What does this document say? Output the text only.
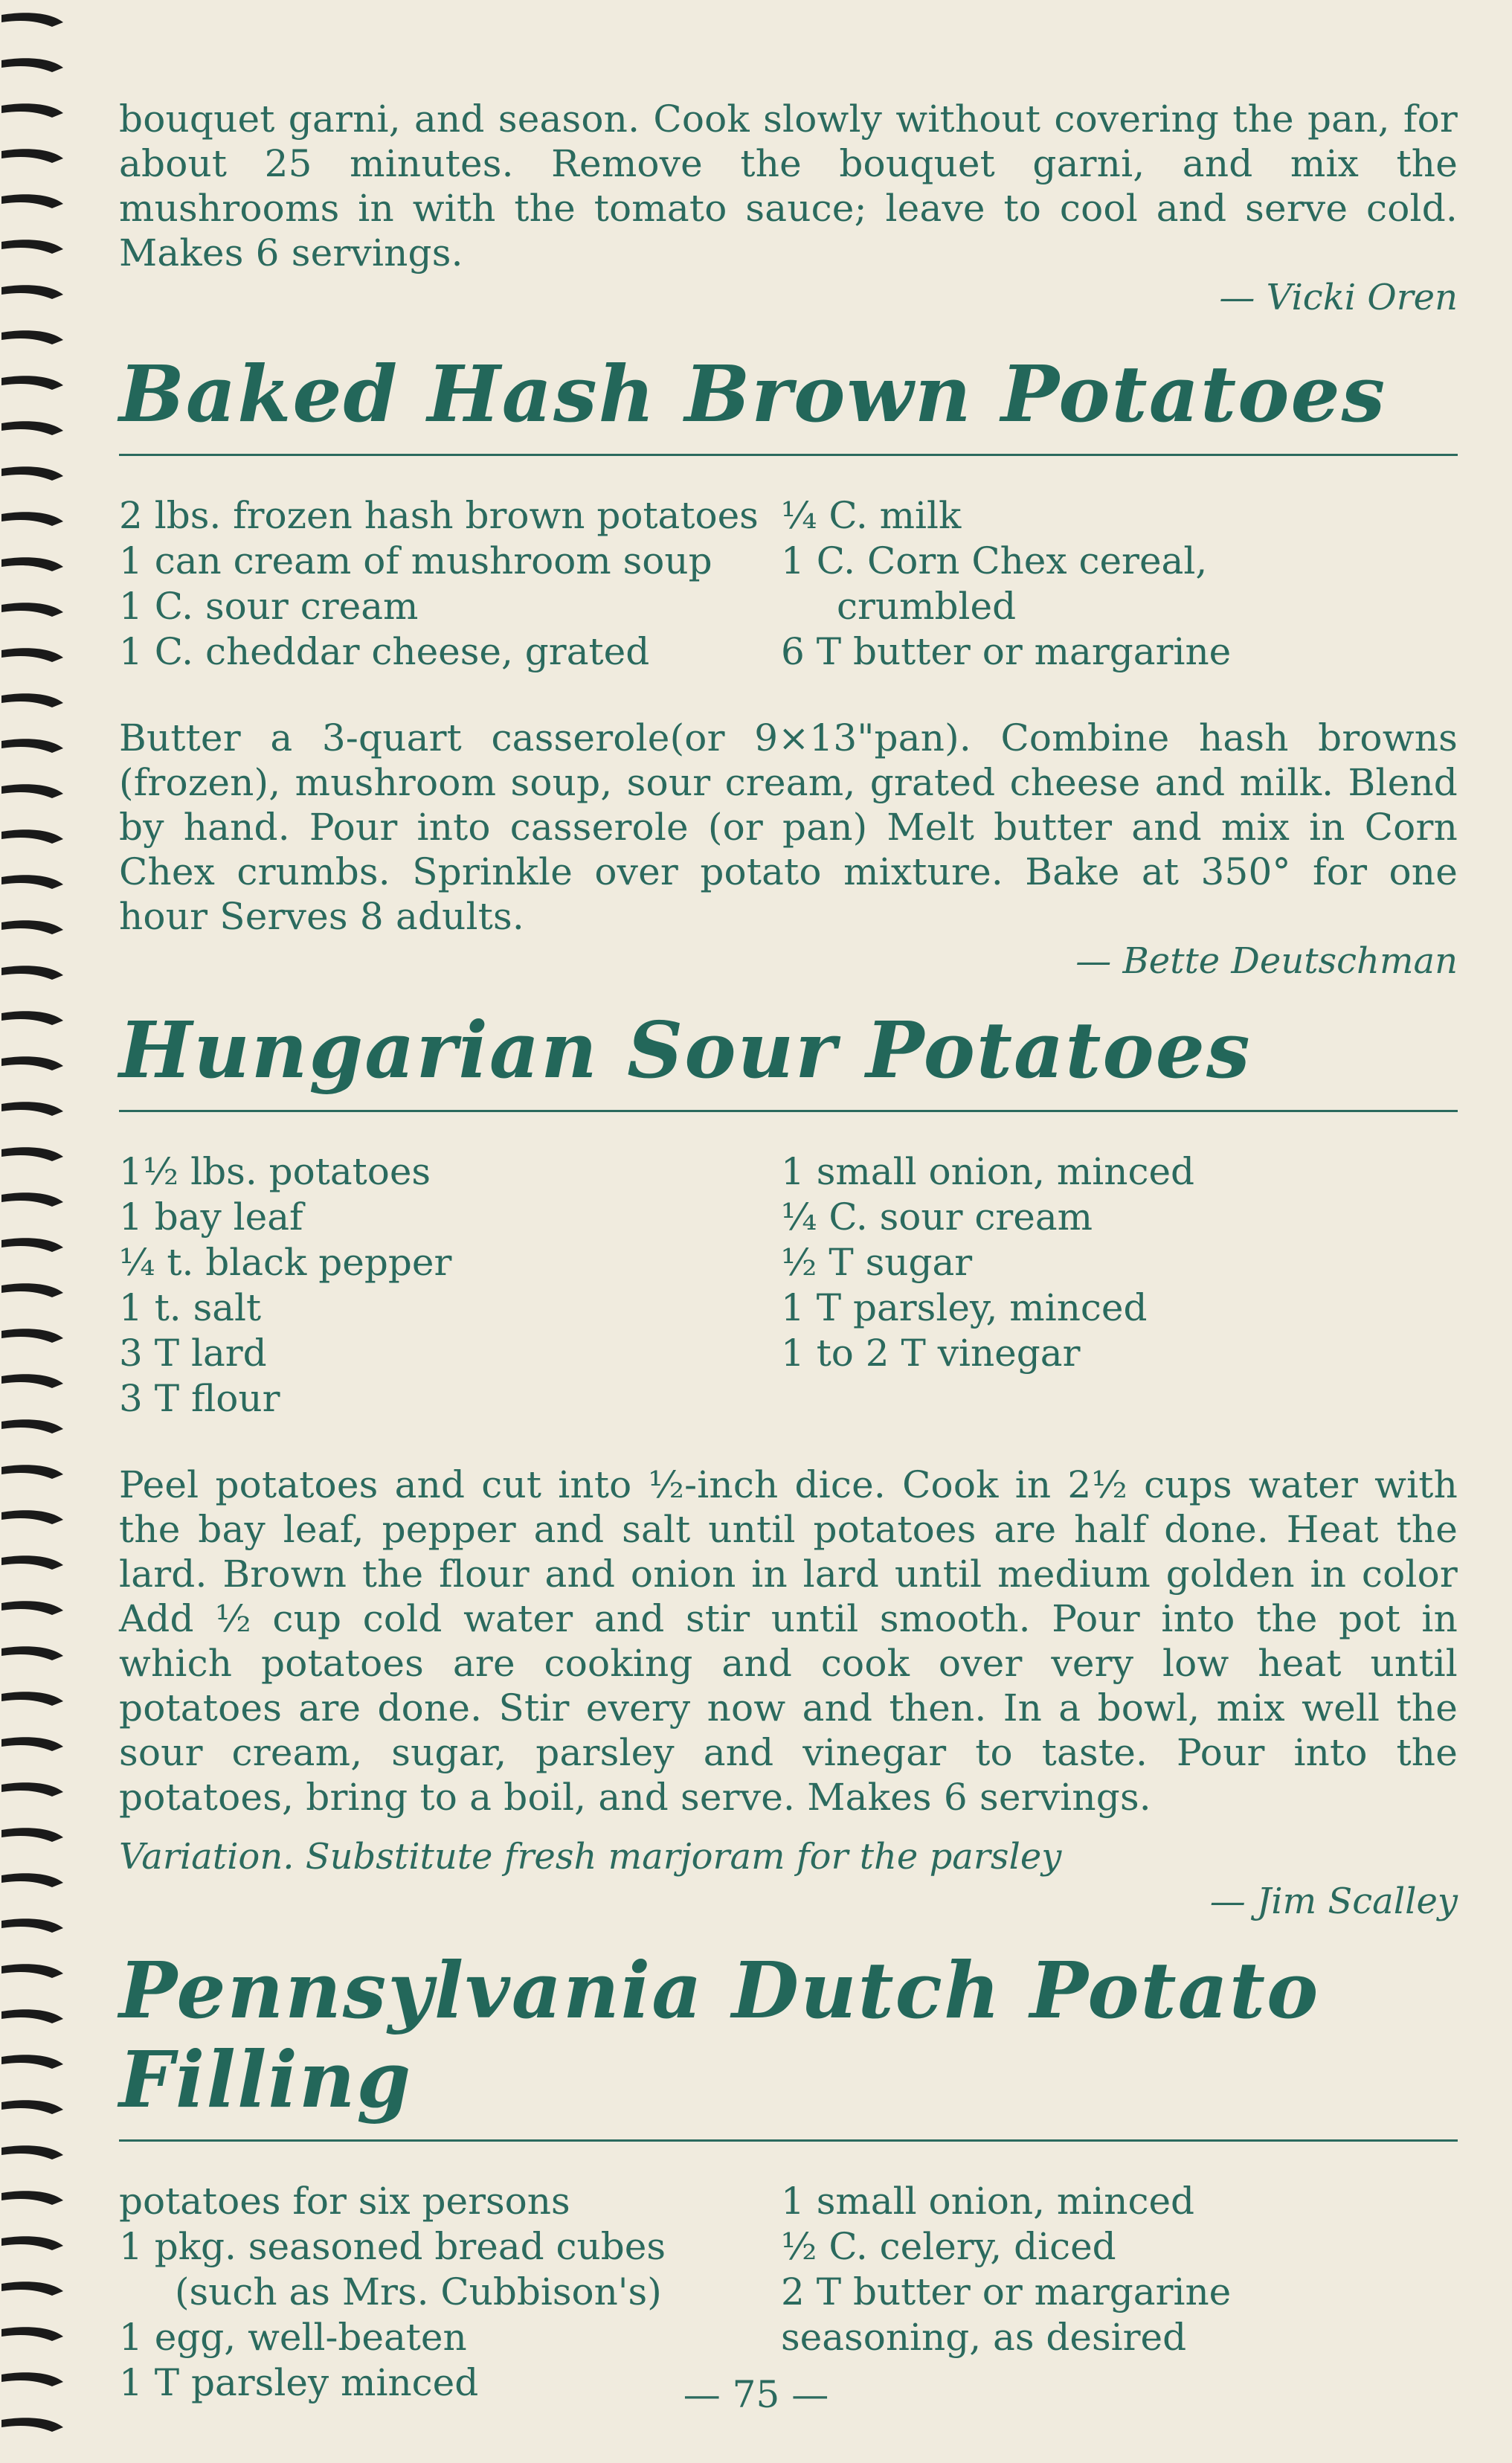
bouquet garni, and season. Cook slowly without covering the pan, for about 25 minutes. Remove the bouquet garni, and mix the mushrooms in with the tomato sauce; leave to cool and serve cold. Makes 6 servings.

— Vicki Oren

Baked Hash Brown Potatoes
2 lbs. frozen hash brown potatoes
1 can cream of mushroom soup
1 C. sour cream
1 C. cheddar cheese, grated
¼ C. milk
1 C. Corn Chex cereal,
crumbled
6 T butter or margarine

Butter a 3-quart casserole(or 9×13"pan). Combine hash browns (frozen), mushroom soup, sour cream, grated cheese and milk. Blend by hand. Pour into casserole (or pan) Melt butter and mix in Corn Chex crumbs. Sprinkle over potato mixture. Bake at 350° for one hour Serves 8 adults.

— Bette Deutschman

Hungarian Sour Potatoes
1½ lbs. potatoes
1 bay leaf
¼ t. black pepper
1 t. salt
3 T lard
3 T flour
1 small onion, minced
¼ C. sour cream
½ T sugar
1 T parsley, minced
1 to 2 T vinegar

Peel potatoes and cut into ½-inch dice. Cook in 2½ cups water with the bay leaf, pepper and salt until potatoes are half done. Heat the lard. Brown the flour and onion in lard until medium golden in color Add ½ cup cold water and stir until smooth. Pour into the pot in which potatoes are cooking and cook over very low heat until potatoes are done. Stir every now and then. In a bowl, mix well the sour cream, sugar, parsley and vinegar to taste. Pour into the potatoes, bring to a boil, and serve. Makes 6 servings.

Variation. Substitute fresh marjoram for the parsley

— Jim Scalley

Pennsylvania Dutch Potato Filling
potatoes for six persons
1 pkg. seasoned bread cubes
(such as Mrs. Cubbison's)
1 egg, well-beaten
1 T parsley minced
1 small onion, minced
½ C. celery, diced
2 T butter or margarine
seasoning, as desired
— 75 —
